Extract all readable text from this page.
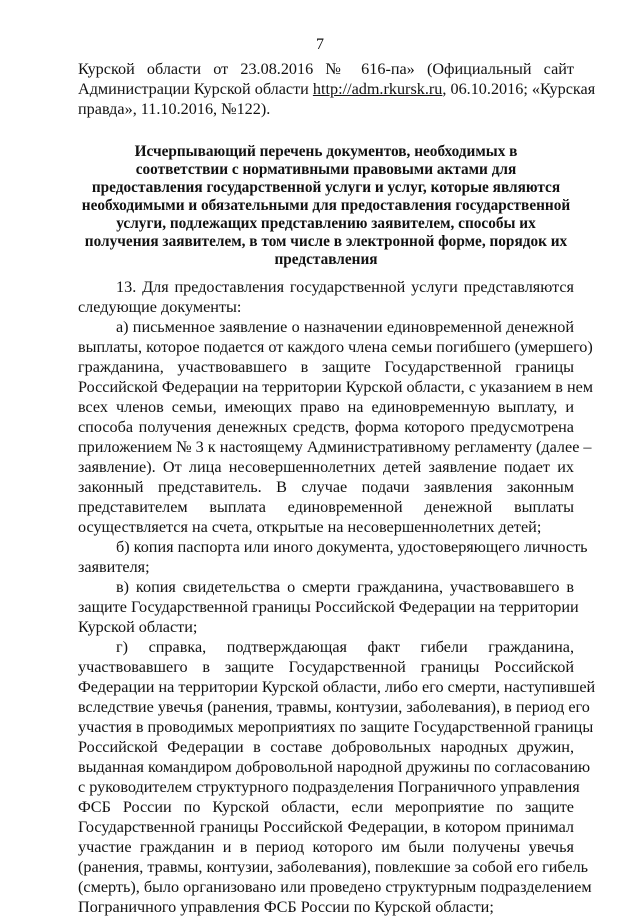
7
Курской области от 23.08.2016 № 616-па» (Официальный сайт
Администрации Курской области http://adm.rkursk.ru, 06.10.2016; «Курская
правда», 11.10.2016, №122).
Исчерпывающий перечень документов, необходимых в
соответствии с нормативными правовыми актами для
предоставления государственной услуги и услуг, которые являются
необходимыми и обязательными для предоставления государственной
услуги, подлежащих представлению заявителем, способы их
получения заявителем, в том числе в электронной форме, порядок их
представления
13. Для предоставления государственной услуги представляются
следующие документы:
а) письменное заявление о назначении единовременной денежной
выплаты, которое подается от каждого члена семьи погибшего (умершего)
гражданина, участвовавшего в защите Государственной границы
Российской Федерации на территории Курской области, с указанием в нем
всех членов семьи, имеющих право на единовременную выплату, и
способа получения денежных средств, форма которого предусмотрена
приложением № 3 к настоящему Административному регламенту (далее –
заявление). От лица несовершеннолетних детей заявление подает их
законный представитель. В случае подачи заявления законным
представителем выплата единовременной денежной выплаты
осуществляется на счета, открытые на несовершеннолетних детей;
б) копия паспорта или иного документа, удостоверяющего личность
заявителя;
в) копия свидетельства о смерти гражданина, участвовавшего в
защите Государственной границы Российской Федерации на территории
Курской области;
г) справка, подтверждающая факт гибели гражданина,
участвовавшего в защите Государственной границы Российской
Федерации на территории Курской области, либо его смерти, наступившей
вследствие увечья (ранения, травмы, контузии, заболевания), в период его
участия в проводимых мероприятиях по защите Государственной границы
Российской Федерации в составе добровольных народных дружин,
выданная командиром добровольной народной дружины по согласованию
с руководителем структурного подразделения Пограничного управления
ФСБ России по Курской области, если мероприятие по защите
Государственной границы Российской Федерации, в котором принимал
участие гражданин и в период которого им были получены увечья
(ранения, травмы, контузии, заболевания), повлекшие за собой его гибель
(смерть), было организовано или проведено структурным подразделением
Пограничного управления ФСБ России по Курской области;
